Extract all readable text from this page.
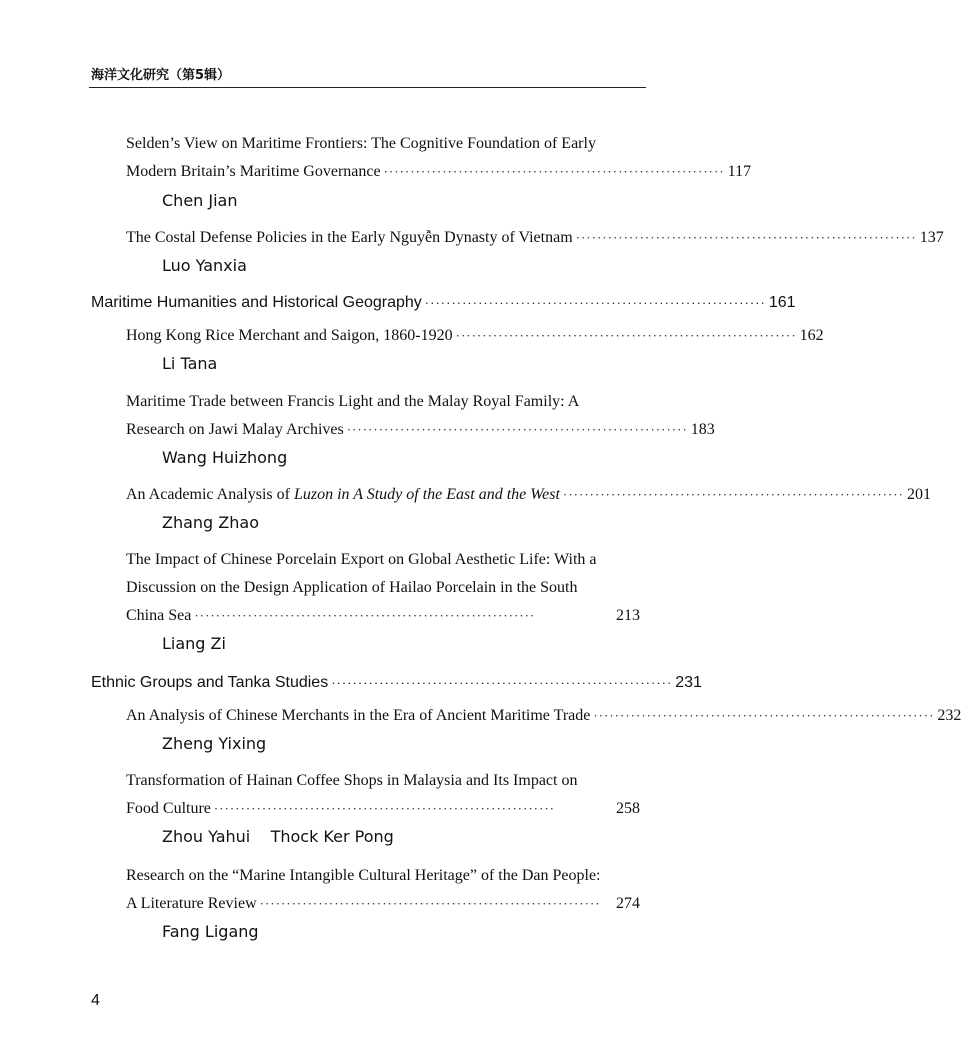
海洋文化研究（第5辑）
Selden’s View on Maritime Frontiers: The Cognitive Foundation of Early
Modern Britain’s Maritime Governance ································································ 117
Chen Jian
The Costal Defense Policies in the Early Nguyễn Dynasty of Vietnam ································································ 137
Luo Yanxia
Maritime Humanities and Historical Geography ································································ 161
Hong Kong Rice Merchant and Saigon, 1860-1920 ································································ 162
Li Tana
Maritime Trade between Francis Light and the Malay Royal Family: A
Research on Jawi Malay Archives ································································ 183
Wang Huizhong
An Academic Analysis of Luzon in A Study of the East and the West ································································ 201
Zhang Zhao
The Impact of Chinese Porcelain Export on Global Aesthetic Life: With a
Discussion on the Design Application of Hailao Porcelain in the South
China Sea ································································	213
Liang Zi
Ethnic Groups and Tanka Studies ································································ 231
An Analysis of Chinese Merchants in the Era of Ancient Maritime Trade ································································ 232
Zheng Yixing
Transformation of Hainan Coffee Shops in Malaysia and Its Impact on
Food Culture ································································	258
Zhou Yahui    Thock Ker Pong
Research on the “Marine Intangible Cultural Heritage” of the Dan People:
A Literature Review ································································ 274
Fang Ligang
4
